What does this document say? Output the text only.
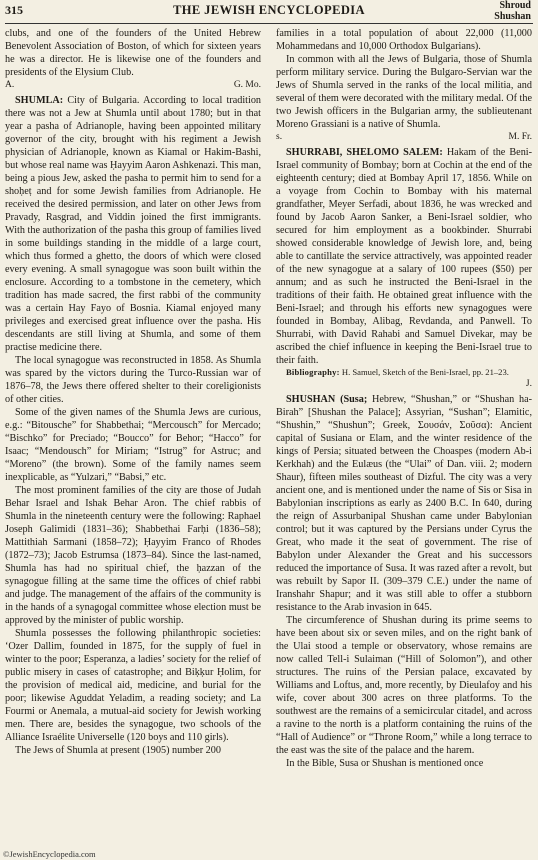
315	THE JEWISH ENCYCLOPEDIA	Shroud
Shushan

clubs, and one of the founders of the United Hebrew Benevolent Association of Boston, of which for sixteen years he was a director. He is likewise one of the founders and presidents of the Elysium Club.

A.	G. Mo.

SHUMLA: City of Bulgaria. According to local tradition there was not a Jew at Shumla until about 1780; but in that year a pasha of Adrianople, having been appointed military governor of the city, brought with his regiment a Jewish physician of Adrianople, known as Kiamal or Hakim-Bashi, but whose real name was Ḥayyim Aaron Ashkenazi. This man, being a pious Jew, asked the pasha to permit him to send for a shoḥeṭ and for some Jewish families from Adrianople. He received the desired permission, and later on other Jews from Pravady, Rasgrad, and Viddin joined the first immigrants. With the authorization of the pasha this group of families lived in some buildings standing in the middle of a large court, which thus formed a ghetto, the doors of which were closed every evening. A small synagogue was soon built within the enclosure. According to a tombstone in the cemetery, which tradition has made sacred, the first rabbi of the community was a certain Hay Fayo of Bosnia. Kiamal enjoyed many privileges and exercised great influence over the pasha. His descendants are still living at Shumla, and some of them practise medicine there.

The local synagogue was reconstructed in 1858. As Shumla was spared by the victors during the Turco-Russian war of 1876–78, the Jews there offered shelter to their coreligionists of other cities.

Some of the given names of the Shumla Jews are curious, e.g.: “Bitousche” for Shabbethai; “Mercousch” for Mercado; “Bischko” for Preciado; “Boucco” for Behor; “Hacco” for Isaac; “Mendousch” for Miriam; “Istrug” for Astruc; and “Moreno” (the brown). Some of the family names seem inexplicable, as “Yulzari,” “Babsi,” etc.

The most prominent families of the city are those of Judah Behar Israel and Ishak Behar Aron. The chief rabbis of Shumla in the nineteenth century were the following: Raphael Joseph Galimidi (1831–36); Shabbethai Farḥi (1836–58); Mattithiah Sarmani (1858–72); Ḥayyim Franco of Rhodes (1872–73); Jacob Estrumsa (1873–84). Since the last-named, Shumla has had no spiritual chief, the ḥazzan of the synagogue filling at the same time the offices of chief rabbi and judge. The management of the affairs of the community is in the hands of a synagogal committee whose election must be approved by the minister of public worship.

Shumla possesses the following philanthropic societies: ‘Ozer Dallim, founded in 1875, for the supply of fuel in winter to the poor; Esperanza, a ladies’ society for the relief of public misery in cases of catastrophe; and Biḳḳur Ḥolim, for the provision of medical aid, medicine, and burial for the poor; likewise Aguddat Yeladim, a reading society; and La Fourmi or Anemala, a mutual-aid society for Jewish working men. There are, besides the synagogue, two schools of the Alliance Israélite Universelle (120 boys and 110 girls).

The Jews of Shumla at present (1905) number 200

families in a total population of about 22,000 (11,000 Mohammedans and 10,000 Orthodox Bulgarians).

In common with all the Jews of Bulgaria, those of Shumla perform military service. During the Bulgaro-Servian war the Jews of Shumla served in the ranks of the local militia, and several of them were decorated with the military medal. Of the two Jewish officers in the Bulgarian army, the sublieutenant Moreno Grassiani is a native of Shumla.

s.	M. Fr.

SHURRABI, SHELOMO SALEM: Hakam of the Beni-Israel community of Bombay; born at Cochin at the end of the eighteenth century; died at Bombay April 17, 1856. While on a voyage from Cochin to Bombay with his maternal grandfather, Meyer Serfadi, about 1836, he was wrecked and found by Jacob Aaron Sanker, a Beni-Israel soldier, who secured for him employment as a bookbinder. Shurrabi showed considerable knowledge of Jewish lore, and, being able to cantillate the service attractively, was appointed reader of the new synagogue at a salary of 100 rupees ($50) per annum; and as such he instructed the Beni-Israel in the traditions of their faith. He obtained great influence with the Beni-Israel; and through his efforts new synagogues were founded in Bombay, Alibag, Revdanda, and Panwell. To Shurrabi, with David Rahabi and Samuel Divekar, may be ascribed the chief influence in keeping the Beni-Israel true to their faith.

Bibliography: H. Samuel, Sketch of the Beni-Israel, pp. 21–23.

J.

SHUSHAN (Susa; Hebrew, “Shushan,” or “Shushan ha-Birah” [Shushan the Palace]; Assyrian, “Sushan”; Elamitic, “Shushin,” “Shushun”; Greek, Σουσάν, Σοῦσα): Ancient capital of Susiana or Elam, and the winter residence of the kings of Persia; situated between the Choaspes (modern Ab-i Kerkhah) and the Eulæus (the “Ulai” of Dan. viii. 2; modern Shaur), fifteen miles southeast of Dizful. The city was a very ancient one, and is mentioned under the name of Sis or Sisa in Babylonian inscriptions as early as 2400 B.C. In 640, during the reign of Assurbanipal Shushan came under Babylonian control; but it was captured by the Persians under Cyrus the Great, who made it the seat of government. The rise of Babylon under Alexander the Great and his successors reduced the importance of Susa. It was razed after a revolt, but was rebuilt by Sapor II. (309–379 C.E.) under the name of Iranshahr Shapur; and it was still able to offer a stubborn resistance to the Arab invasion in 645.

The circumference of Shushan during its prime seems to have been about six or seven miles, and on the right bank of the Ulai stood a temple or observatory, whose remains are now called Tell-i Sulaiman (“Hill of Solomon”), and other structures. The ruins of the Persian palace, excavated by Williams and Loftus, and, more recently, by Dieulafoy and his wife, cover about 300 acres on three platforms. To the southwest are the remains of a semicircular citadel, and across a ravine to the north is a platform containing the ruins of the “Hall of Audience” or “Throne Room,” while a long terrace to the east was the site of the palace and the harem.

In the Bible, Susa or Shushan is mentioned once

©JewishEncyclopedia.com
